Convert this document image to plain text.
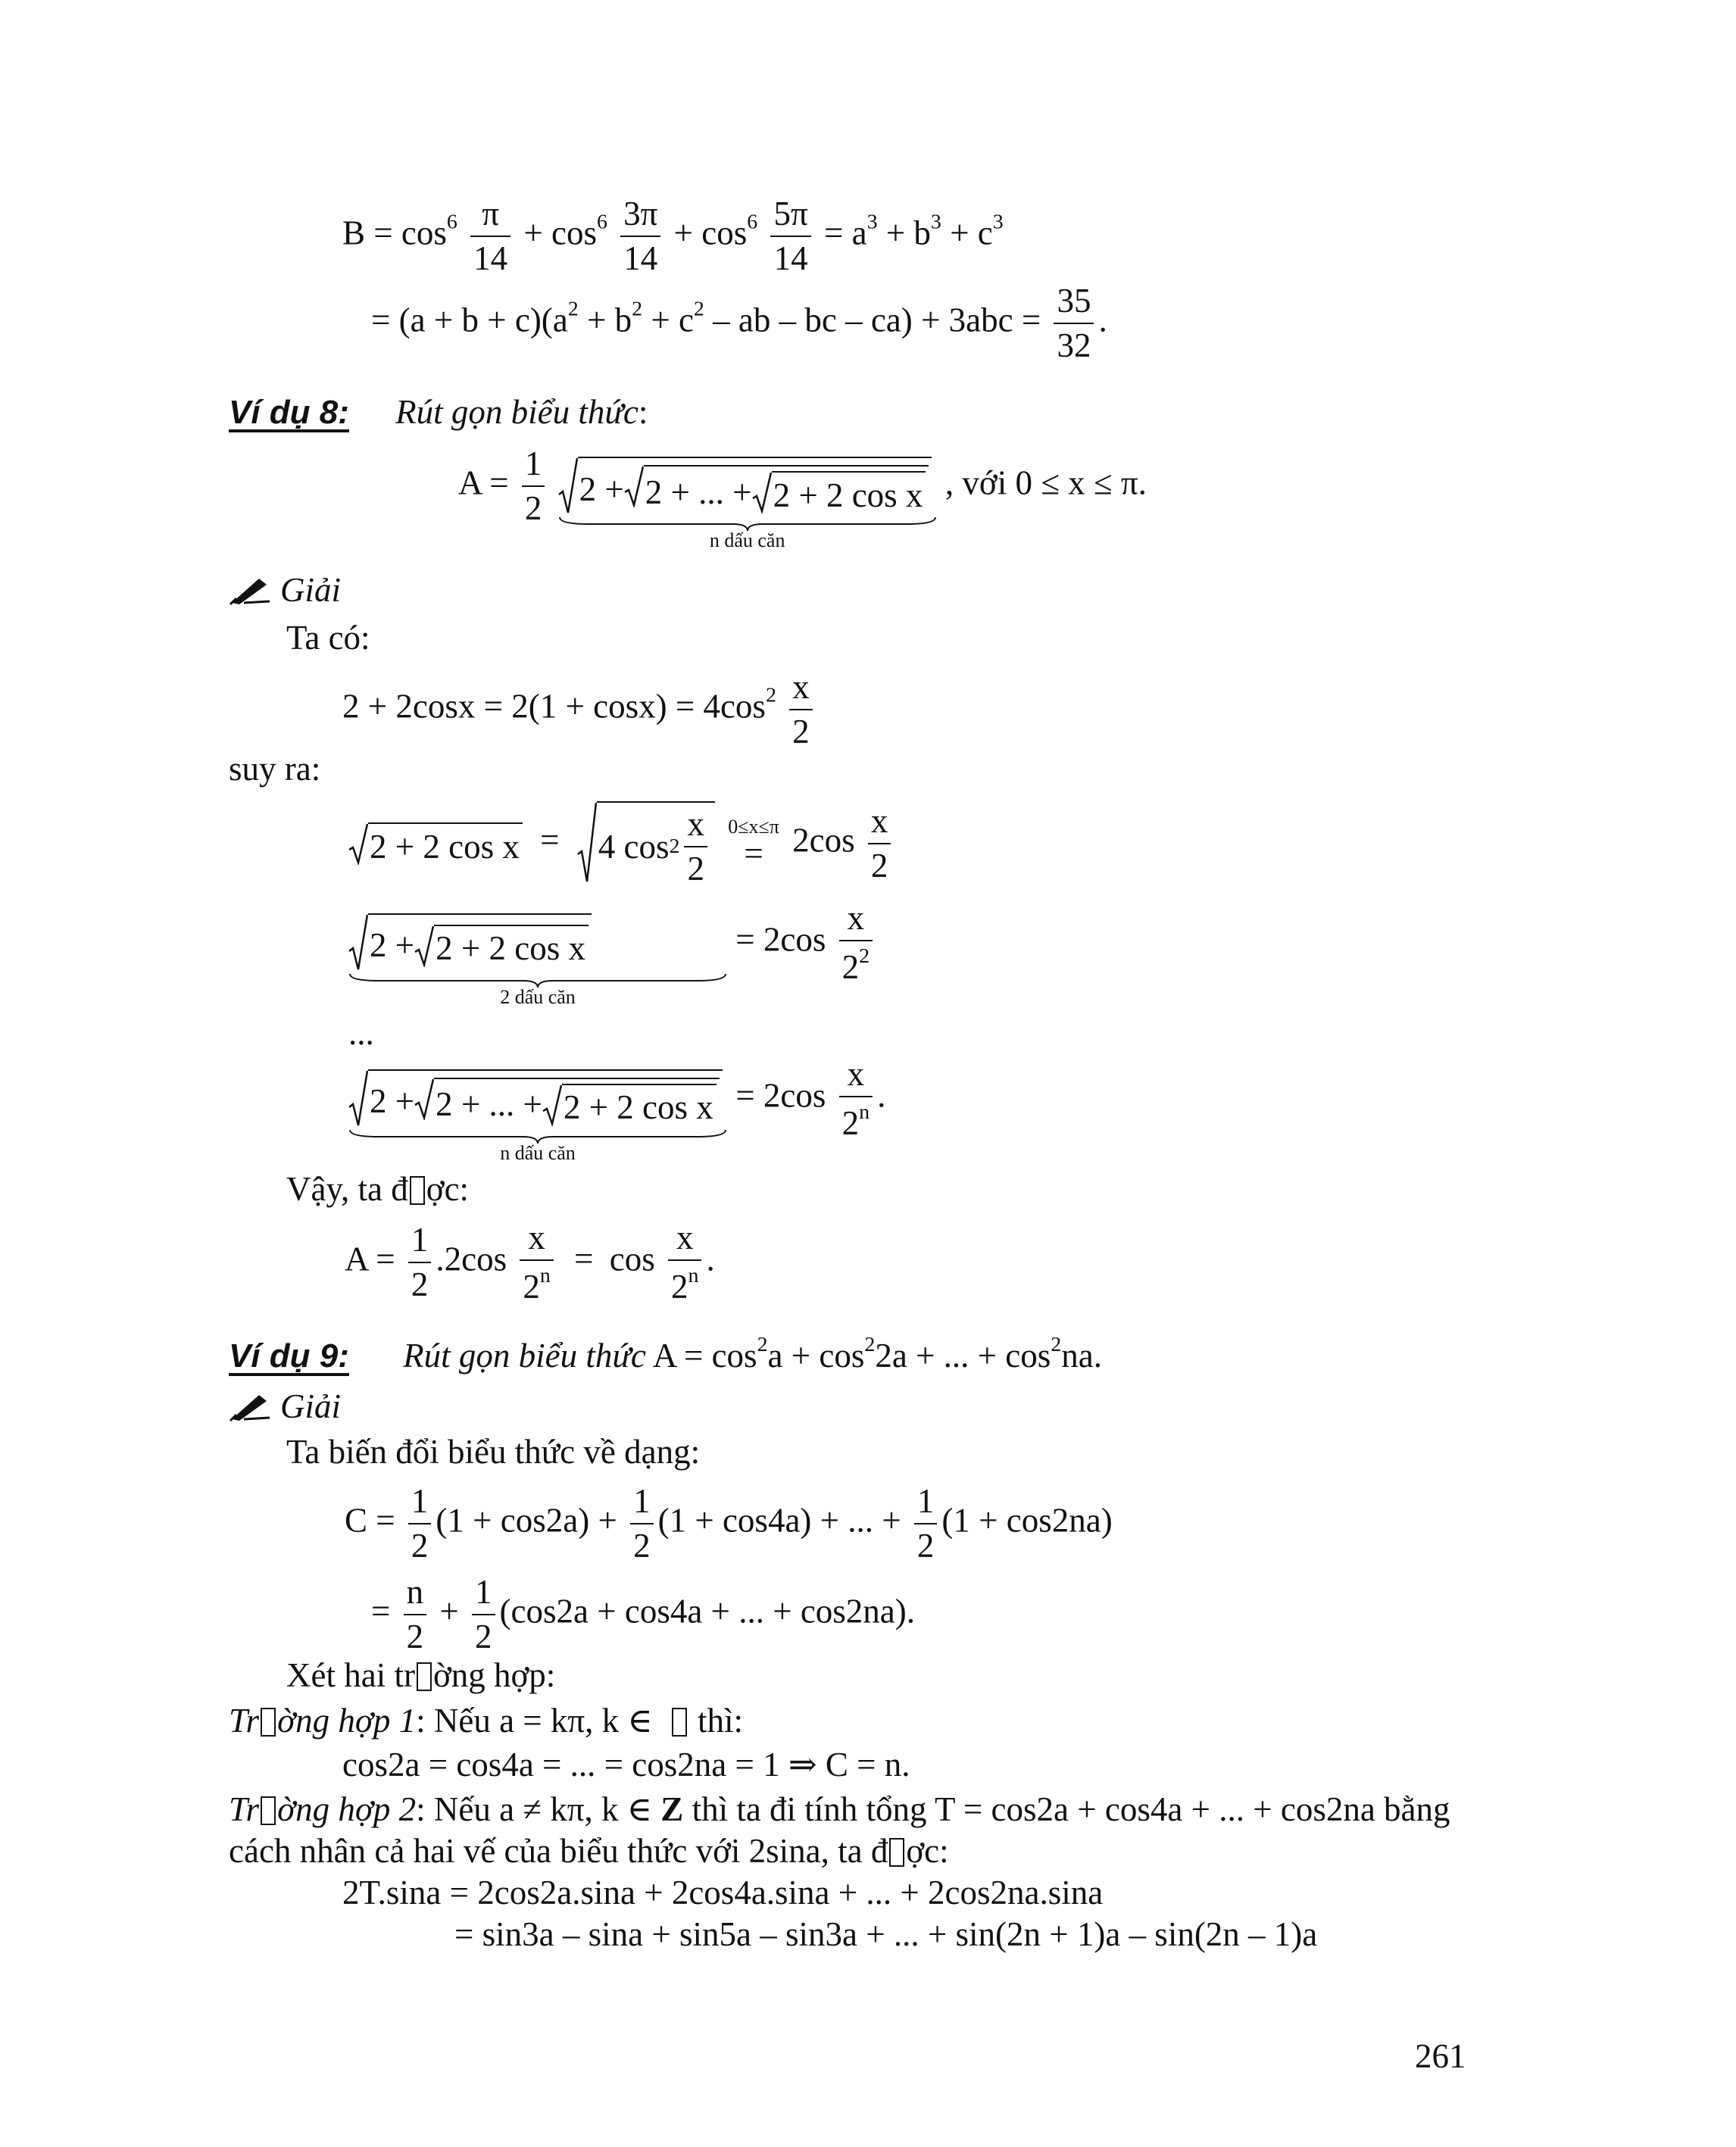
$B = \cos^6 \frac{\pi}{14} + \cos^6 \frac{3\pi}{14} + \cos^6 \frac{5\pi}{14} = a^3 + b^3 + c^3$
= $(a + b + c)(a^2 + b^2 + c^2$ – ab – bc – $ca) + 3abc = \frac{35}{32}$ .
Ví dụ 8: Rút gọn biểu thức:
$A = \frac{1}{2}$
2 + 2 + ... + 2 + 2 cos x
n dấu căn
, với 0 ≤ x ≤ π.
Giải
Ta có:
$2 + 2\cos x = 2(1 + \cos x) = 4\cos^2 \frac{x}{2}$
suy ra:
2 + 2 cos x = 4 cos 2
x
2

0≤x≤π
= $2\cos \frac{x}{2}$
2 + 2 + 2 cos x
2 dấu căn
= $2\cos \frac{x}{2^2}$
...
2 + 2 + ... + 2 + 2 cos x
n dấu căn
= $2\cos \frac{x}{2^n}$ .
Vậy, ta đ ợc:
$A = \frac{1}{2} .2\cos \frac{x}{2^n} = \cos \frac{x}{2^n}$ .
Ví dụ 9: Rút gọn biểu thức $A = \cos^2a + \cos^22a$ + ... + $\cos^2na$.
Giải
Ta biến đổi biểu thức về dạng:
$C = \frac{1}{2} (1 + \cos 2a) + \frac{1}{2} (1 + \cos 4a)$ + ... + $\frac{1}{2} (1 + \cos 2na)$
= $\frac{n}{2} + \frac{1}{2} (\cos 2a + \cos 4a$ + ... + cos2na).
Xét hai tr ờng hợp:
Tr ờng hợp 1: Nếu a = kπ, k ∈ thì:
cos2a = cos4a = ... = cos2na = 1 ⇒ C = n.
Tr ờng hợp 2: Nếu a ≠ kπ, k ∈ Z thì ta đi tính tổng T = cos2a + cos4a + ... + cos2na bằng
cách nhân cả hai vế của biểu thức với 2sina, ta đ ợc:
2T.sina = 2cos2a.sina + 2cos4a.sina + ... + 2cos2na.sina
= sin3a – sina + sin5a – sin3a + ... + sin(2n + 1)a – sin(2n – 1)a
261
